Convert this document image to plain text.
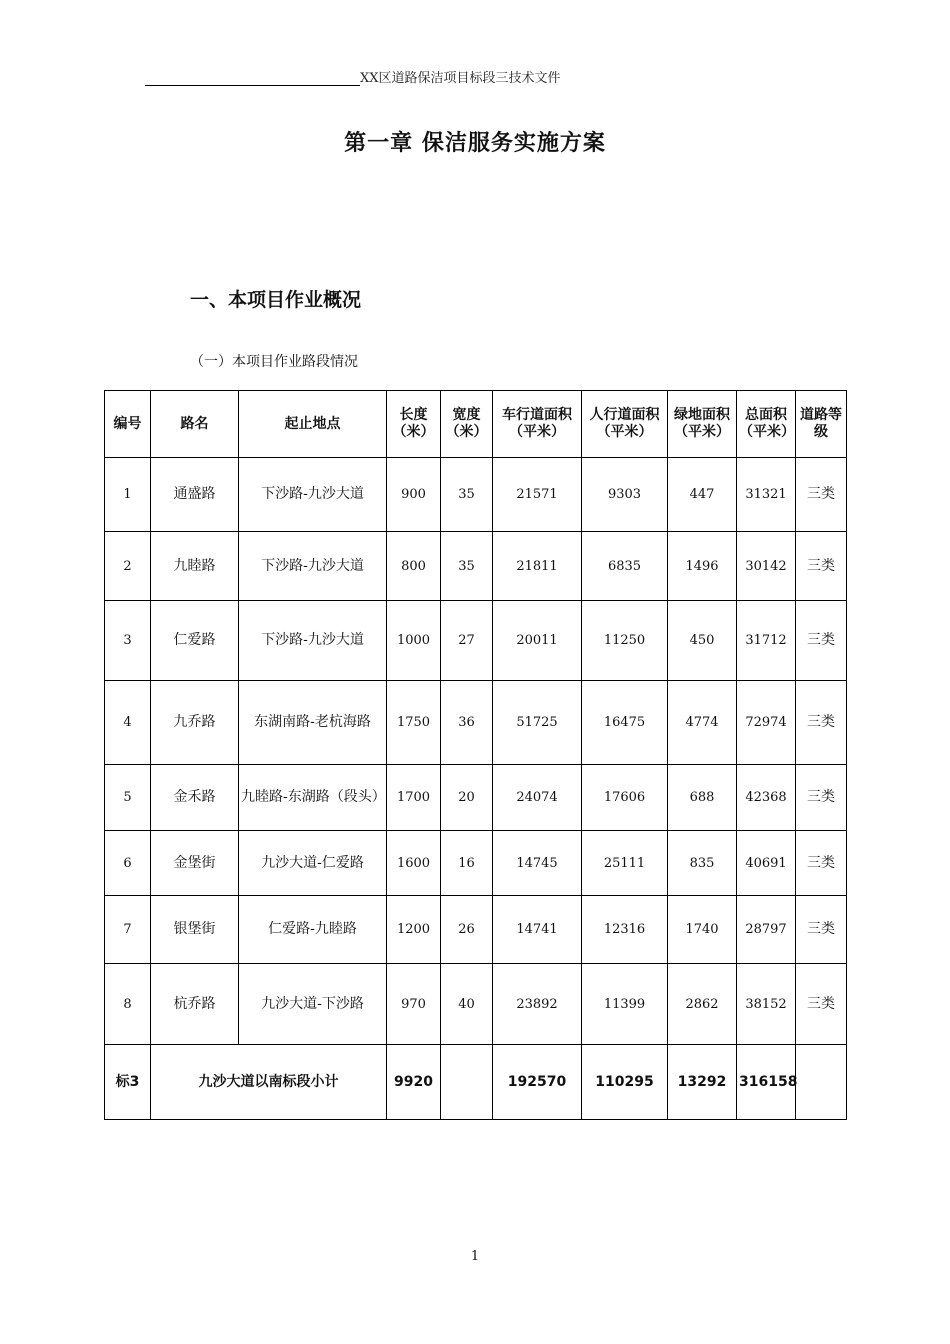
XX区道路保洁项目标段三技术文件
第一章 保洁服务实施方案
一、本项目作业概况
（一）本项目作业路段情况
编号	路名	起止地点	长度（米）	宽度（米）	车行道面积（平米）	人行道面积（平米）	绿地面积（平米）	总面积（平米）	道路等级
1	通盛路	下沙路-九沙大道	900	35	21571	9303	447	31321	三类
2	九睦路	下沙路-九沙大道	800	35	21811	6835	1496	30142	三类
3	仁爱路	下沙路-九沙大道	1000	27	20011	11250	450	31712	三类
4	九乔路	东湖南路-老杭海路	1750	36	51725	16475	4774	72974	三类
5	金禾路	九睦路-东湖路（段头）	1700	20	24074	17606	688	42368	三类
6	金堡街	九沙大道-仁爱路	1600	16	14745	25111	835	40691	三类
7	银堡街	仁爱路-九睦路	1200	26	14741	12316	1740	28797	三类
8	杭乔路	九沙大道-下沙路	970	40	23892	11399	2862	38152	三类
标3	九沙大道以南标段小计		9920		192570	110295	13292	316158	
1
